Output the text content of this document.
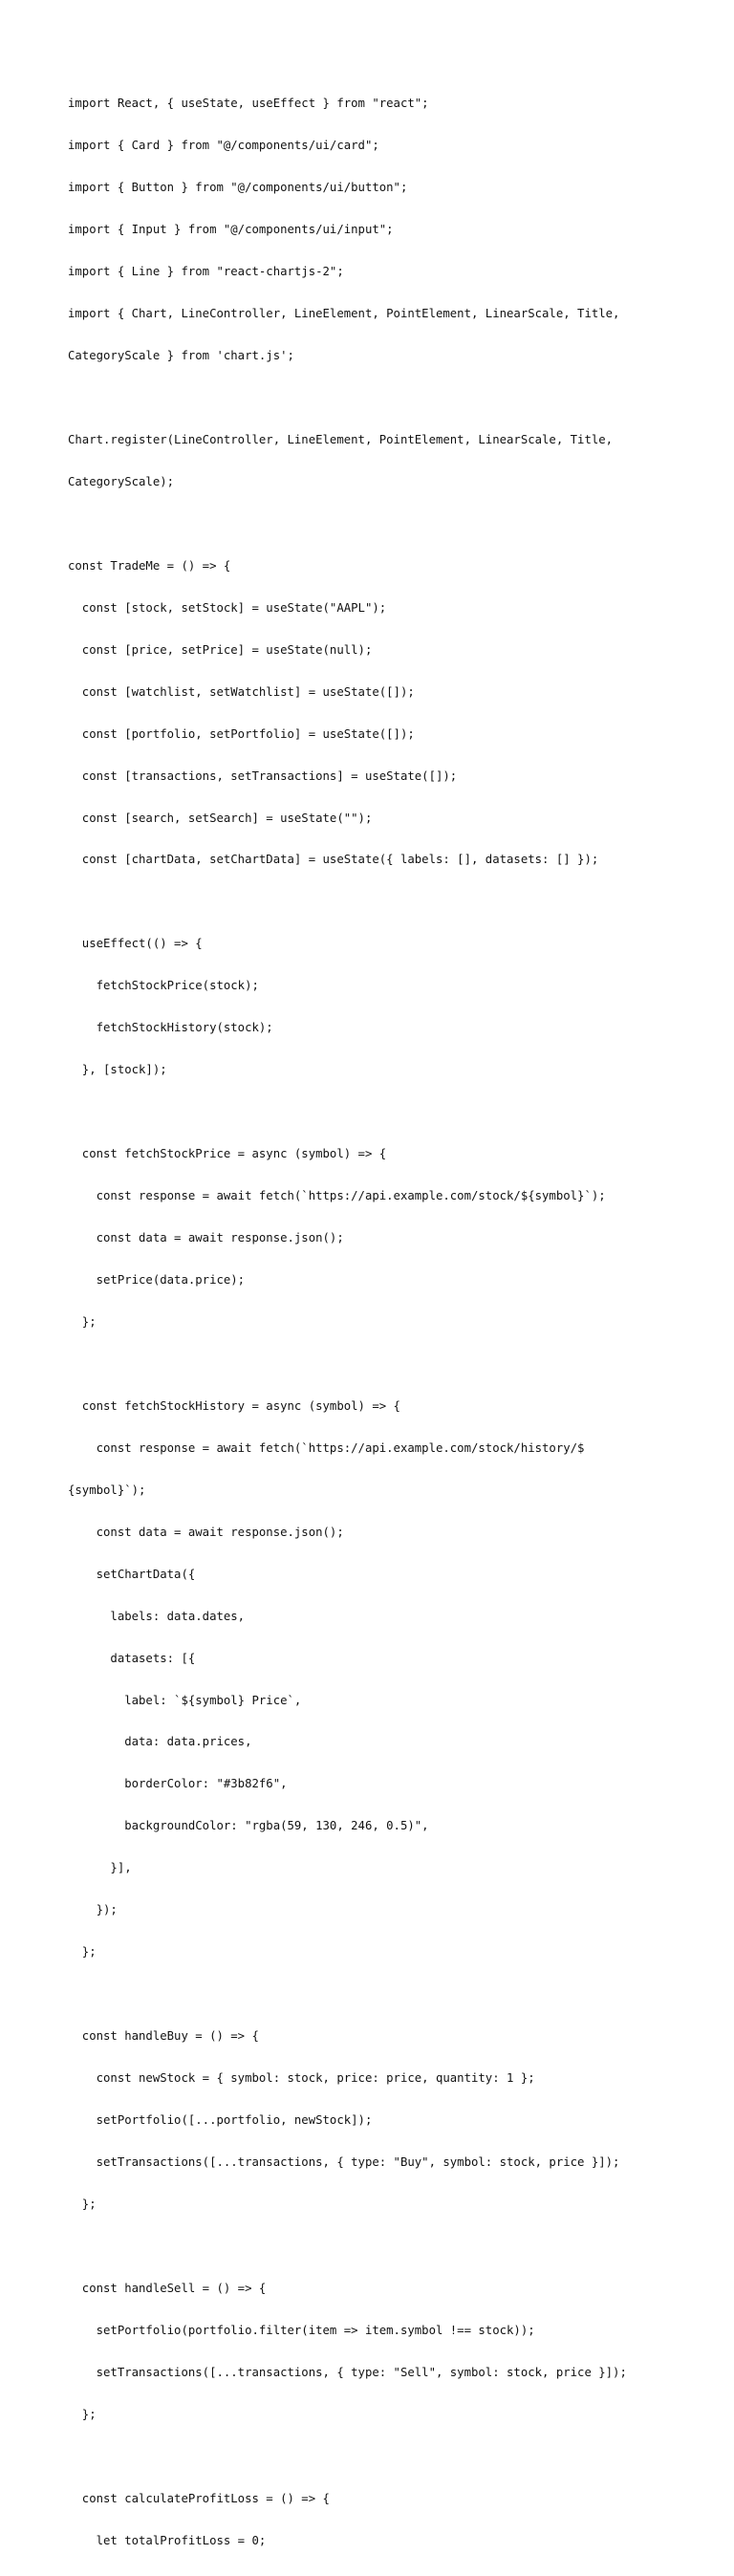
import React, { useState, useEffect } from "react";

import { Card } from "@/components/ui/card";

import { Button } from "@/components/ui/button";

import { Input } from "@/components/ui/input";

import { Line } from "react-chartjs-2";

import { Chart, LineController, LineElement, PointElement, LinearScale, Title,

CategoryScale } from 'chart.js';

Chart.register(LineController, LineElement, PointElement, LinearScale, Title,

CategoryScale);

const TradeMe = () => {

const [stock, setStock] = useState("AAPL");

const [price, setPrice] = useState(null);

const [watchlist, setWatchlist] = useState([]);

const [portfolio, setPortfolio] = useState([]);

const [transactions, setTransactions] = useState([]);

const [search, setSearch] = useState("");

const [chartData, setChartData] = useState({ labels: [], datasets: [] });

useEffect(() => {

fetchStockPrice(stock);

fetchStockHistory(stock);

}, [stock]);

const fetchStockPrice = async (symbol) => {

const response = await fetch(`https://api.example.com/stock/${symbol}`);

const data = await response.json();

setPrice(data.price);

};

const fetchStockHistory = async (symbol) => {

const response = await fetch(`https://api.example.com/stock/history/$

{symbol}`);

const data = await response.json();

setChartData({

labels: data.dates,

datasets: [{

label: `${symbol} Price`,

data: data.prices,

borderColor: "#3b82f6",

backgroundColor: "rgba(59, 130, 246, 0.5)",

}],

});

};

const handleBuy = () => {

const newStock = { symbol: stock, price: price, quantity: 1 };

setPortfolio([...portfolio, newStock]);

setTransactions([...transactions, { type: "Buy", symbol: stock, price }]);

};

const handleSell = () => {

setPortfolio(portfolio.filter(item => item.symbol !== stock));

setTransactions([...transactions, { type: "Sell", symbol: stock, price }]);

};

const calculateProfitLoss = () => {

let totalProfitLoss = 0;
